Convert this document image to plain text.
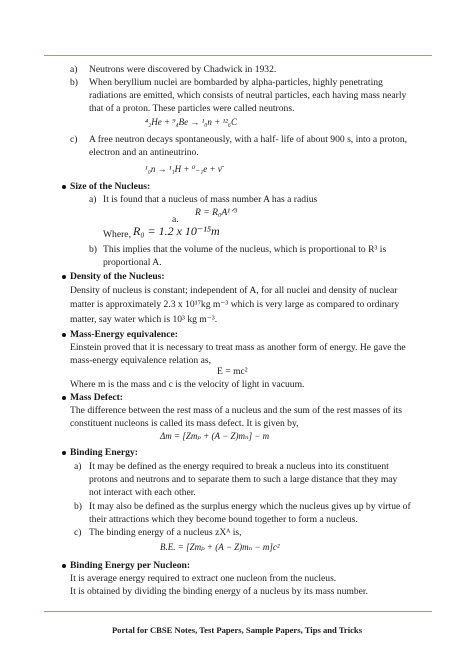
a) Neutrons were discovered by Chadwick in 1932.
b) When beryllium nuclei are bombarded by alpha-particles, highly penetrating
radiations are emitted, which consists of neutral particles, each having mass nearly
that of a proton. These particles were called neutrons.
⁴₂He + ⁹₄Be → ¹₀n + ¹²₆C
c) A free neutron decays spontaneously, with a half- life of about 900 s, into a proton,
electron and an antineutrino.
¹₀n → ¹₁H + ⁰₋₁e + ν̄
Size of the Nucleus:
a) It is found that a nucleus of mass number A has a radius
R = R₀A¹ᐟ³
a.
Where, R₀ = 1.2 x 10⁻¹⁵m
b) This implies that the volume of the nucleus, which is proportional to R³ is
proportional A.
Density of the Nucleus:
Density of nucleus is constant; independent of A, for all nuclei and density of nuclear
matter is approximately 2.3 x 10¹⁷kg m⁻³ which is very large as compared to ordinary
matter, say water which is 10³ kg m⁻³.
Mass-Energy equivalence:
Einstein proved that it is necessary to treat mass as another form of energy. He gave the
mass-energy equivalence relation as,
E = mc²
Where m is the mass and c is the velocity of light in vacuum.
Mass Defect:
The difference between the rest mass of a nucleus and the sum of the rest masses of its
constituent nucleons is called its mass defect. It is given by,
Δm = [Zmₚ + (A − Z)mₙ] − m
Binding Energy:
a) It may be defined as the energy required to break a nucleus into its constituent
protons and neutrons and to separate them to such a large distance that they may
not interact with each other.
b) It may also be defined as the surplus energy which the nucleus gives up by virtue of
their attractions which they become bound together to form a nucleus.
c) The binding energy of a nucleus ᴢXᴬ is,
B.E. = [Zmₚ + (A − Z)mₙ − m]c²
Binding Energy per Nucleon:
It is average energy required to extract one nucleon from the nucleus.
It is obtained by dividing the binding energy of a nucleus by its mass number.
Portal for CBSE Notes, Test Papers, Sample Papers, Tips and Tricks
